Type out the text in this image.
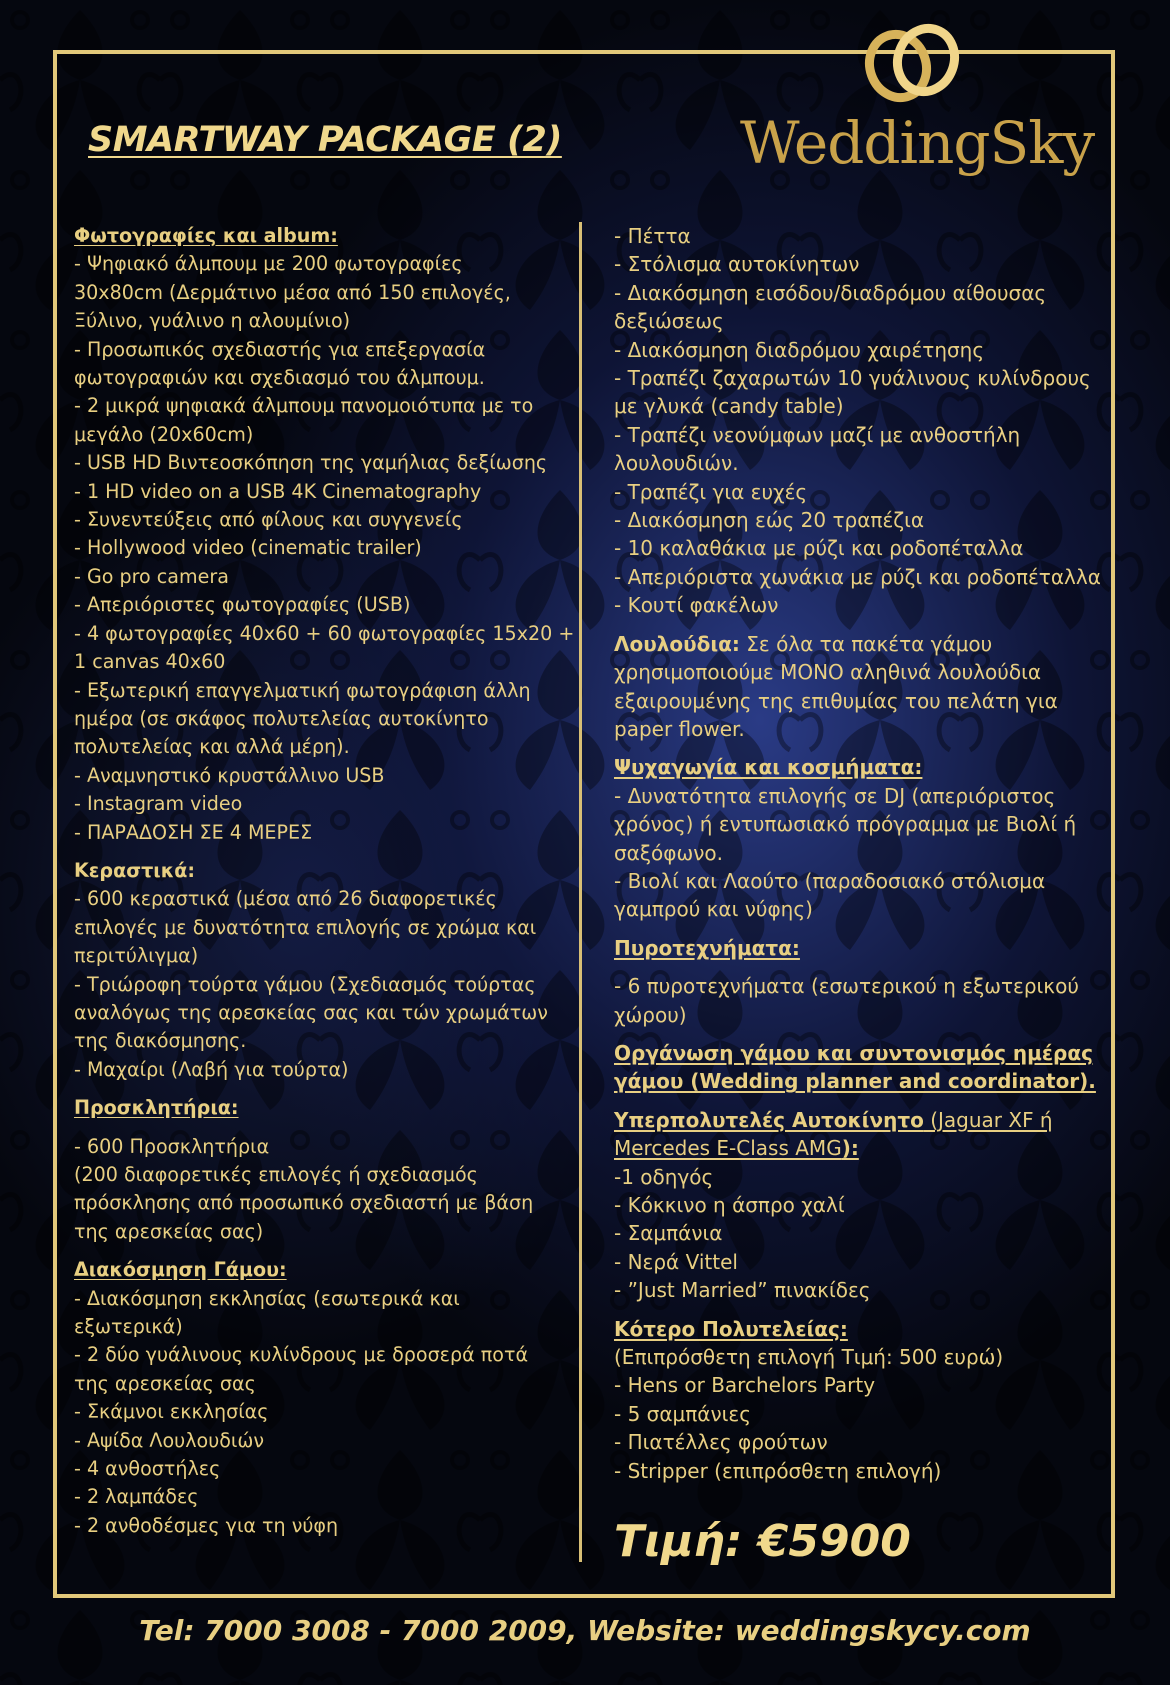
SMARTWAY PACKAGE (2)	WeddingSky
Φωτογραφίες και album:
- Ψηφιακό άλμπουμ με 200 φωτογραφίες
30x80cm (Δερμάτινο μέσα από 150 επιλογές,
Ξύλινο, γυάλινο η αλουμίνιο)
- Προσωπικός σχεδιαστής για επεξεργασία
φωτογραφιών και σχεδιασμό του άλμπουμ.
- 2 μικρά ψηφιακά άλμπουμ πανομοιότυπα με το
μεγάλο (20x60cm)
- USB HD Βιντεοσκόπηση της γαμήλιας δεξίωσης
- 1 HD video on a USB 4K Cinematography
- Συνεντεύξεις από φίλους και συγγενείς
- Hollywood video (cinematic trailer)
- Go pro camera
- Απεριόριστες φωτογραφίες (USB)
- 4 φωτογραφίες 40x60 + 60 φωτογραφίες 15x20 +
1 canvas 40x60
- Εξωτερική επαγγελματική φωτογράφιση άλλη
ημέρα (σε σκάφος πολυτελείας αυτοκίνητο
πολυτελείας και αλλά μέρη).
- Αναμνηστικό κρυστάλλινο USB
- Instagram video
- ΠΑΡΑΔΟΣΗ ΣΕ 4 ΜΕΡΕΣ
Κεραστικά:
- 600 κεραστικά (μέσα από 26 διαφορετικές
επιλογές με δυνατότητα επιλογής σε χρώμα και
περιτύλιγμα)
- Τριώροφη τούρτα γάμου (Σχεδιασμός τούρτας
αναλόγως της αρεσκείας σας και τών χρωμάτων
της διακόσμησης.
- Μαχαίρι (Λαβή για τούρτα)
Προσκλητήρια:
- 600 Προσκλητήρια
(200 διαφορετικές επιλογές ή σχεδιασμός
πρόσκλησης από προσωπικό σχεδιαστή με βάση
της αρεσκείας σας)
Διακόσμηση Γάμου:
- Διακόσμηση εκκλησίας (εσωτερικά και
εξωτερικά)
- 2 δύο γυάλινους κυλίνδρους με δροσερά ποτά
της αρεσκείας σας
- Σκάμνοι εκκλησίας
- Αψίδα Λουλουδιών
- 4 ανθοστήλες
- 2 λαμπάδες
- 2 ανθοδέσμες για τη νύφη
- Πέττα
- Στόλισμα αυτοκίνητων
- Διακόσμηση εισόδου/διαδρόμου αίθουσας
δεξιώσεως
- Διακόσμηση διαδρόμου χαιρέτησης
- Τραπέζι ζαχαρωτών 10 γυάλινους κυλίνδρους
με γλυκά (candy table)
- Τραπέζι νεονύμφων μαζί με ανθοστήλη
λουλουδιών.
- Τραπέζι για ευχές
- Διακόσμηση εώς 20 τραπέζια
- 10 καλαθάκια με ρύζι και ροδοπέταλλα
- Απεριόριστα χωνάκια με ρύζι και ροδοπέταλλα
- Κουτί φακέλων
Λουλούδια: Σε όλα τα πακέτα γάμου
χρησιμοποιούμε ΜΟΝΟ αληθινά λουλούδια
εξαιρουμένης της επιθυμίας του πελάτη για
paper flower.
Ψυχαγωγία και κοσμήματα:
- Δυνατότητα επιλογής σε DJ (απεριόριστος
χρόνος) ή εντυπωσιακό πρόγραμμα με Βιολί ή
σαξόφωνο.
- Βιολί και Λαούτο (παραδοσιακό στόλισμα
γαμπρού και νύφης)
Πυροτεχνήματα:
- 6 πυροτεχνήματα (εσωτερικού η εξωτερικού
χώρου)
Οργάνωση γάμου και συντονισμός ημέρας
γάμου (Wedding planner and coordinator).
Υπερπολυτελές Αυτοκίνητο (Jaguar XF ή
Mercedes E-Class AMG):
-1 οδηγός
- Κόκκινο η άσπρο χαλί
- Σαμπάνια
- Νερά Vittel
- ”Just Married” πινακίδες
Κότερο Πολυτελείας:
(Επιπρόσθετη επιλογή Τιμή: 500 ευρώ)
- Hens or Barchelors Party
- 5 σαμπάνιες
- Πιατέλλες φρούτων
- Stripper (επιπρόσθετη επιλογή)
Τιμή: €5900
Tel: 7000 3008 - 7000 2009, Website: weddingskycy.com
